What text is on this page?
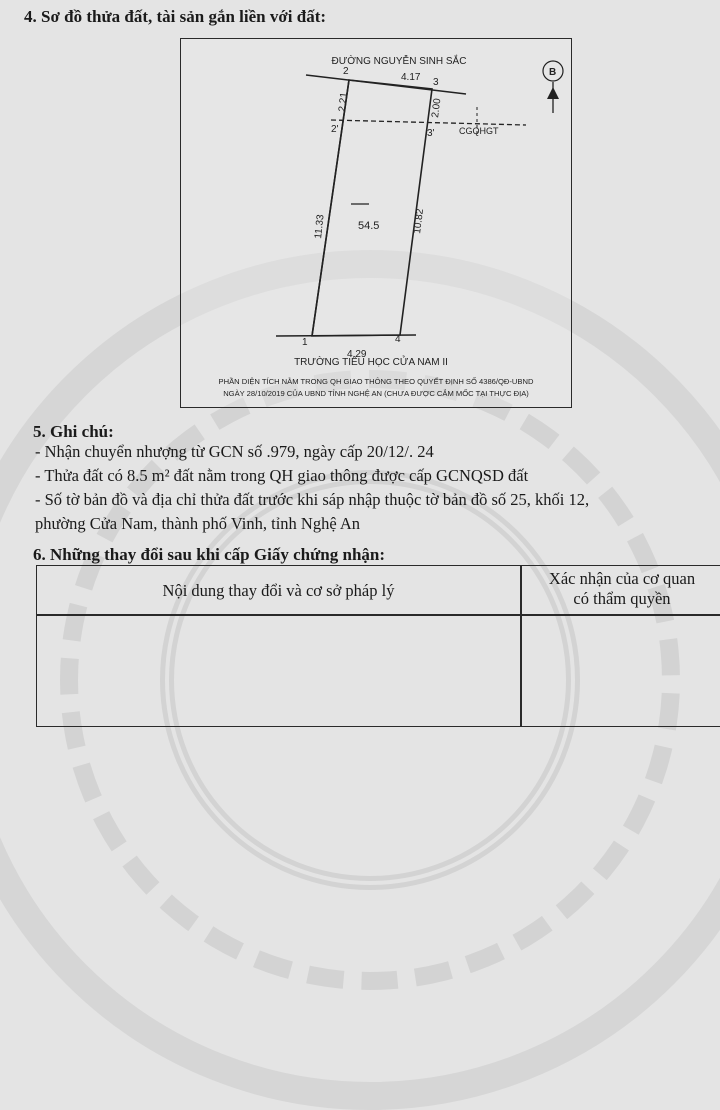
4. Sơ đồ thửa đất, tài sản gắn liền với đất:
ĐƯỜNG NGUYỄN SINH SẮC
CGQHGT
2
3
2'	3'
1	4
4.17
4.29
11.33	10.82
2.21	2.00
54.5
TRƯỜNG TIỂU HỌC CỬA NAM II
PHẦN DIỆN TÍCH NẰM TRONG QH GIAO THÔNG THEO QUYẾT ĐỊNH SỐ 4386/QĐ-UBND
NGÀY 28/10/2019 CỦA UBND TỈNH NGHỆ AN (CHƯA ĐƯỢC CẮM MỐC TẠI THỰC ĐỊA)
B
5. Ghi chú:
- Nhận chuyển nhượng từ GCN số .979, ngày cấp 20/12/. 24
- Thửa đất có 8.5 m² đất nằm trong QH giao thông được cấp GCNQSD đất
- Số tờ bản đồ và địa chỉ thửa đất trước khi sáp nhập thuộc tờ bản đồ số 25, khối 12,
phường Cửa Nam, thành phố Vinh, tỉnh Nghệ An
6. Những thay đổi sau khi cấp Giấy chứng nhận:
Nội dung thay đổi và cơ sở pháp lý
Xác nhận của cơ quan
có thẩm quyền
